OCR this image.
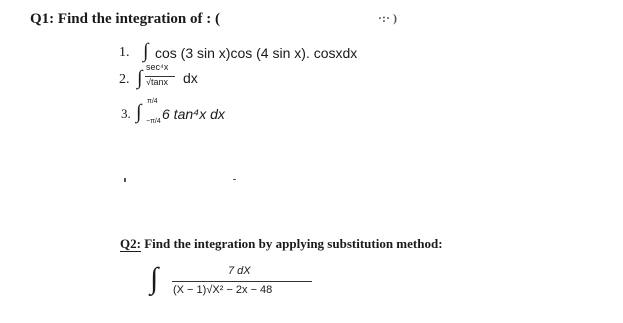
Q1: Find the integration of : (	·:· )
1. ∫ cos (3 sin x)cos (4 sin x). cosxdx
2. ∫ sec⁴x
√tanx dx
3. ∫ π/4
−π/4 6 tan⁴x dx
Q2: Find the integration by applying substitution method:
∫	7 dX
(X − 1)√X² − 2x − 48
